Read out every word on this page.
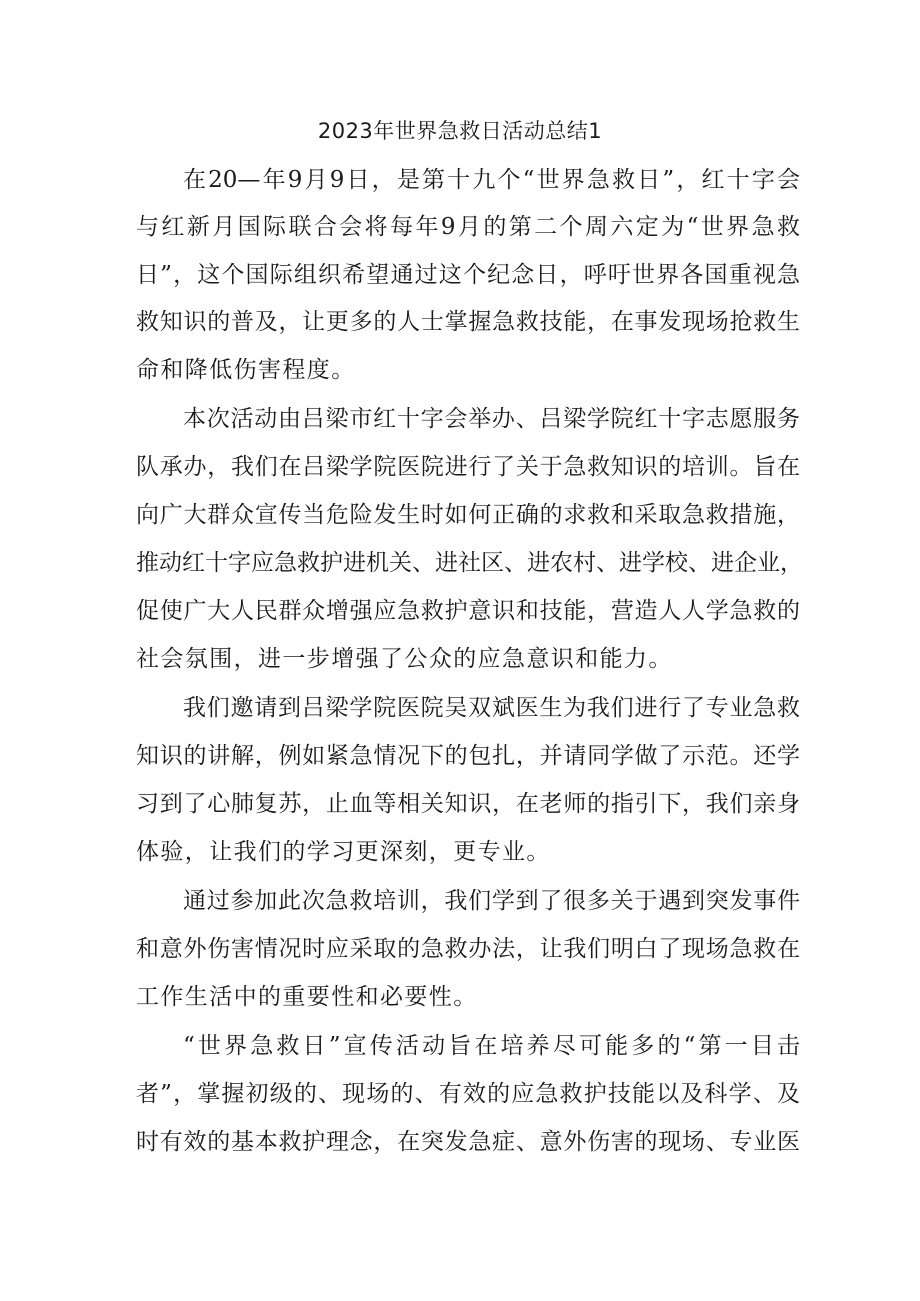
2023年世界急救日活动总结1
在20—年9月9日，是第十九个“世界急救日”，红十字会
与红新月国际联合会将每年9月的第二个周六定为“世界急救
日”，这个国际组织希望通过这个纪念日，呼吁世界各国重视急
救知识的普及，让更多的人士掌握急救技能，在事发现场抢救生
命和降低伤害程度。
本次活动由吕梁市红十字会举办、吕梁学院红十字志愿服务
队承办，我们在吕梁学院医院进行了关于急救知识的培训。旨在
向广大群众宣传当危险发生时如何正确的求救和采取急救措施，
推动红十字应急救护进机关、进社区、进农村、进学校、进企业，
促使广大人民群众增强应急救护意识和技能，营造人人学急救的
社会氛围，进一步增强了公众的应急意识和能力。
我们邀请到吕梁学院医院吴双斌医生为我们进行了专业急救
知识的讲解，例如紧急情况下的包扎，并请同学做了示范。还学
习到了心肺复苏，止血等相关知识，在老师的指引下，我们亲身
体验，让我们的学习更深刻，更专业。
通过参加此次急救培训，我们学到了很多关于遇到突发事件
和意外伤害情况时应采取的急救办法，让我们明白了现场急救在
工作生活中的重要性和必要性。
“世界急救日”宣传活动旨在培养尽可能多的“第一目击
者”，掌握初级的、现场的、有效的应急救护技能以及科学、及
时有效的基本救护理念，在突发急症、意外伤害的现场、专业医
